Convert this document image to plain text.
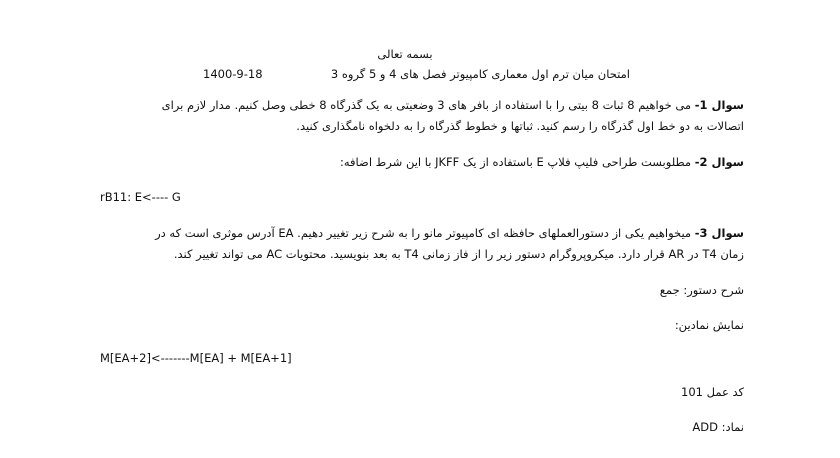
بسمه تعالی
امتحان میان ترم اول معماری کامپیوتر فصل های 4 و 5 گروه 3
1400-9-18
سوال 1- می خواهیم 8 ثبات 8 بیتی را با استفاده از بافر های 3 وضعیتی به یک گذرگاه 8 خطی وصل کنیم. مدار لازم برای
اتصالات به دو خط اول گذرگاه را رسم کنید. ثباتها و خطوط گذرگاه را به دلخواه نامگذاری کنید.
سوال 2- مطلوبست طراحی فلیپ فلاپ E باستفاده از یک JKFF با این شرط اضافه:
rB11: E<---- G
سوال 3- میخواهیم یکی از دستورالعملهای حافظه ای کامپیوتر مانو را به شرح زیر تغییر دهیم. EA آدرس موثری است که در
زمان T4 در AR قرار دارد. میکروپروگرام دستور زیر را از فاز زمانی T4 به بعد بنویسید. محتویات AC می تواند تغییر کند.
شرح دستور: جمع
نمایش نمادین:
M[EA+2]<-------M[EA] + M[EA+1]
کد عمل 101
نماد: ADD
